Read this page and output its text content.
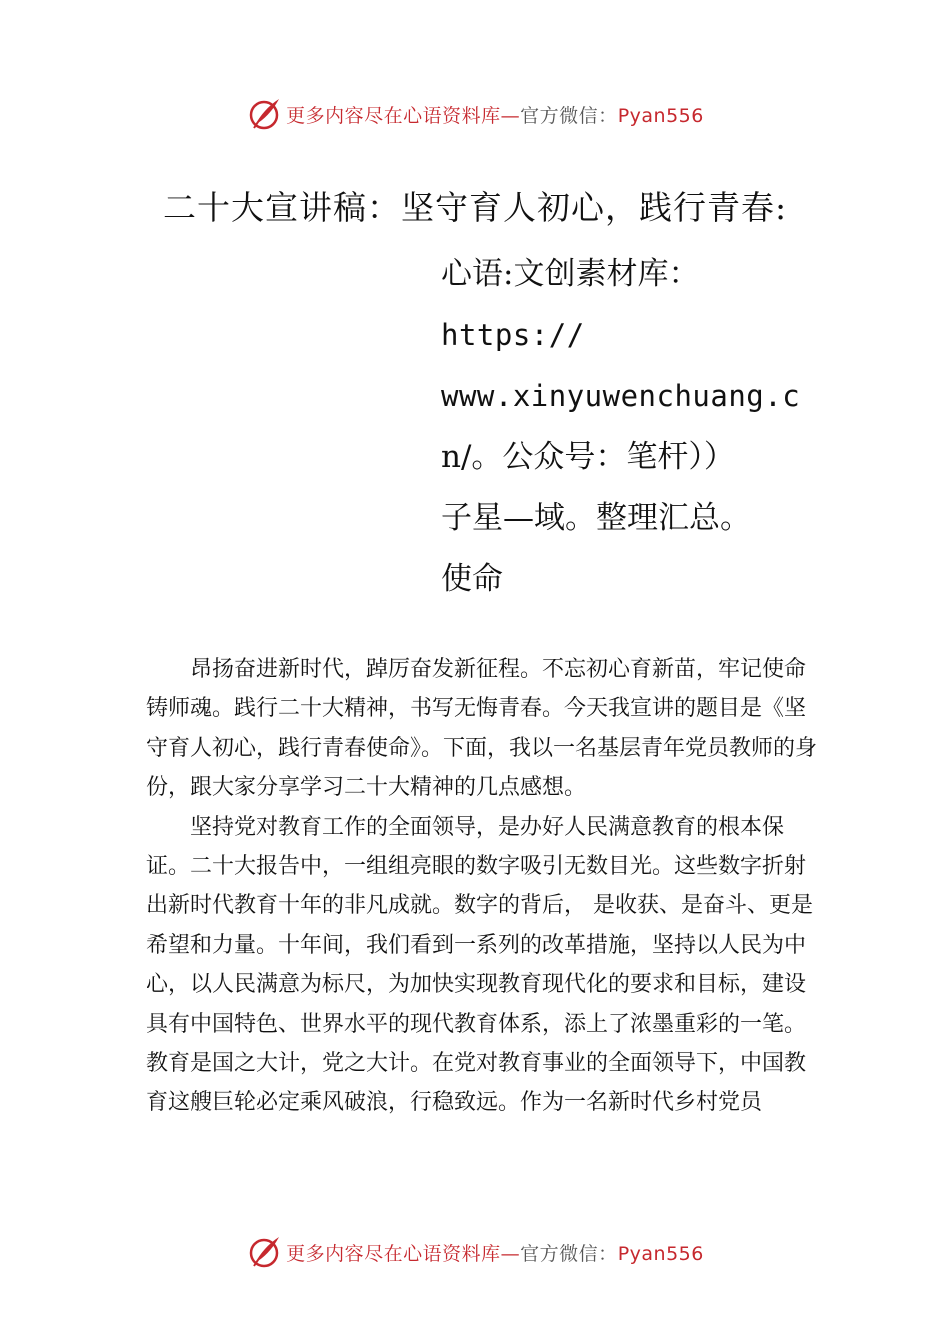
更多内容尽在心语资料库—官方微信：Pyan556
二十大宣讲稿：坚守育人初心，践行青春:
心语:文创素材库：
https://
www.xinyuwenchuang.c
n/。公众号：笔杆））
子星—域。整理汇总。
使命

昂扬奋进新时代，踔厉奋发新征程。不忘初心育新苗，牢记使命铸师魂。践行二十大精神，书写无悔青春。今天我宣讲的题目是《坚守育人初心，践行青春使命》。下面，我以一名基层青年党员教师的身份，跟大家分享学习二十大精神的几点感想。

坚持党对教育工作的全面领导，是办好人民满意教育的根本保证。二十大报告中，一组组亮眼的数字吸引无数目光。这些数字折射出新时代教育十年的非凡成就。数字的背后， 是收获、是奋斗、更是希望和力量。十年间，我们看到一系列的改革措施，坚持以人民为中心，以人民满意为标尺，为加快实现教育现代化的要求和目标，建设具有中国特色、世界水平的现代教育体系，添上了浓墨重彩的一笔。教育是国之大计，党之大计。在党对教育事业的全面领导下，中国教育这艘巨轮必定乘风破浪，行稳致远。作为一名新时代乡村党员

更多内容尽在心语资料库—官方微信：Pyan556
